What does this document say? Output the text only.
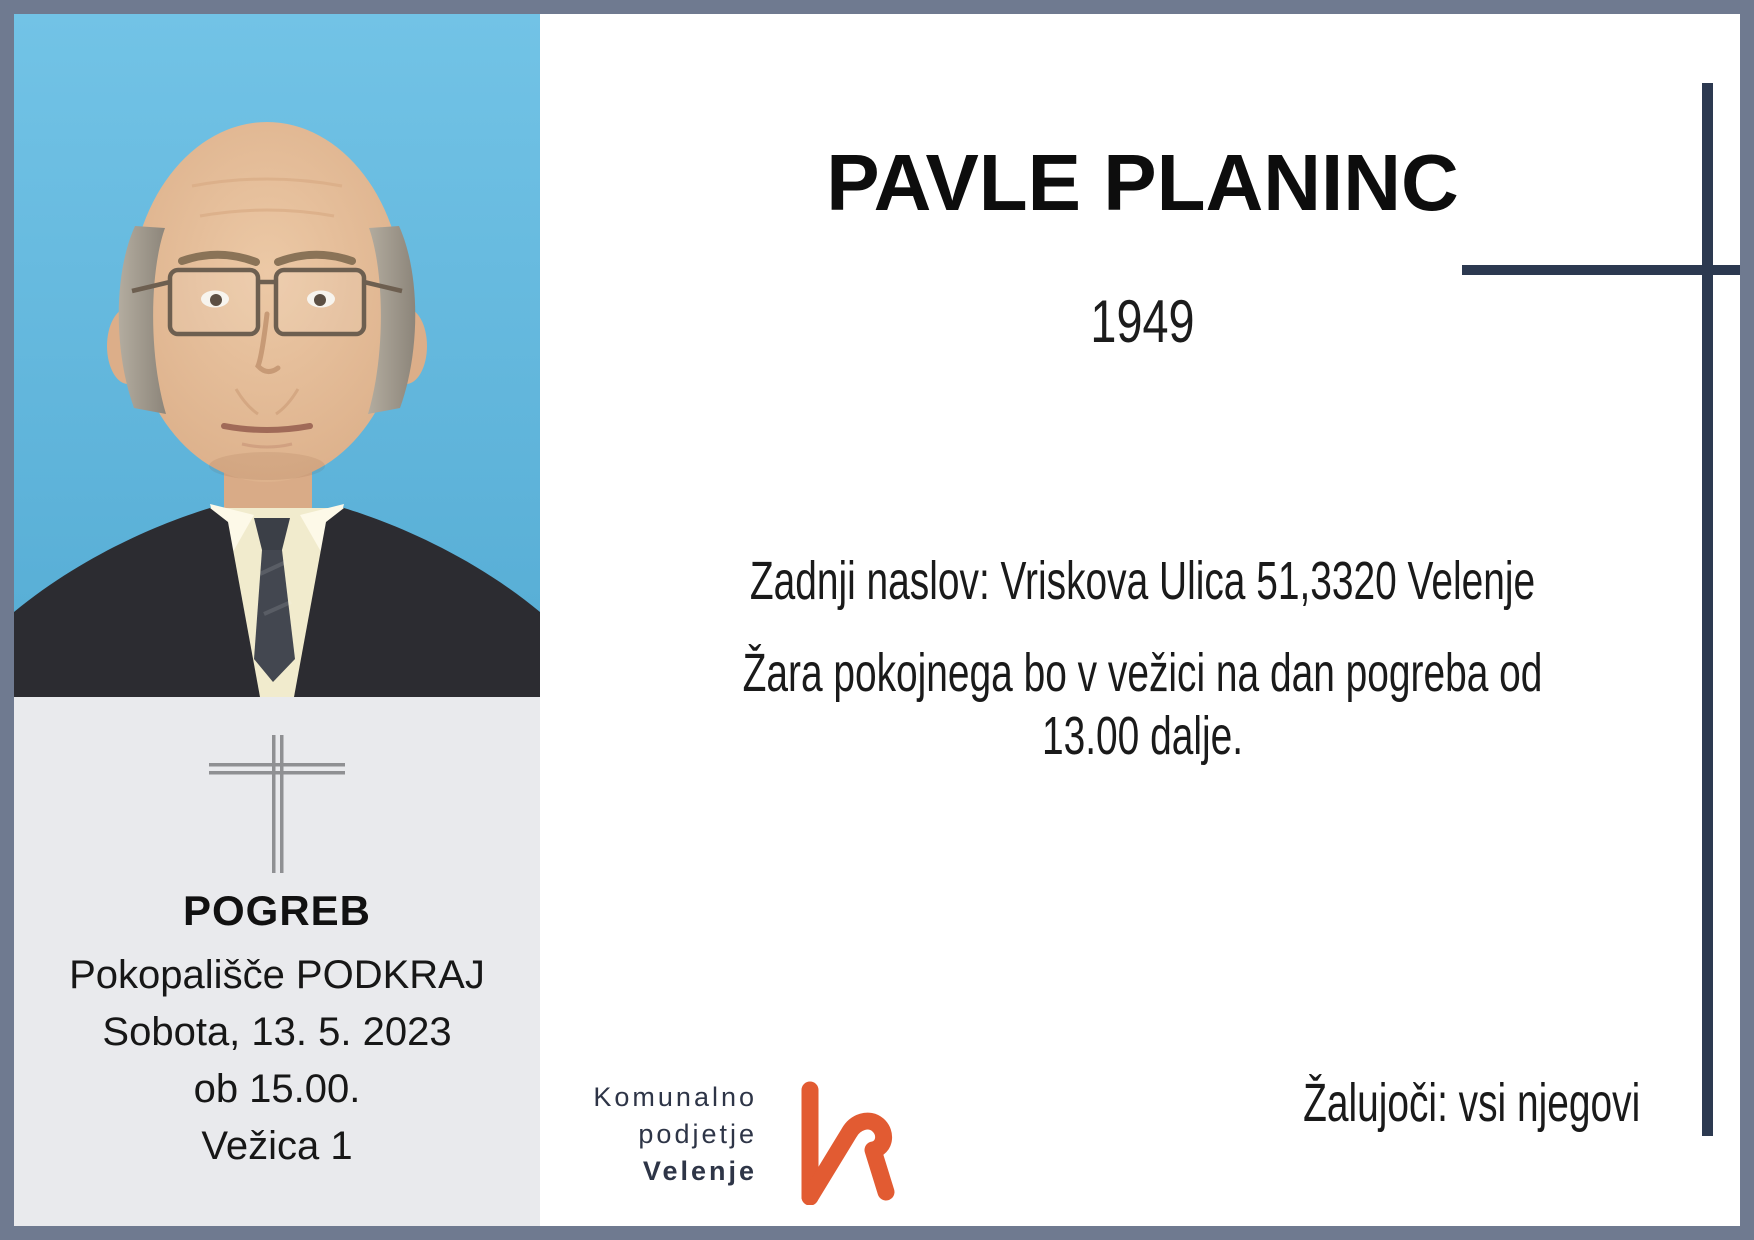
POGREB
Pokopališče PODKRAJ
Sobota, 13. 5. 2023
ob 15.00.
Vežica 1
PAVLE PLANINC
1949
Zadnji naslov: Vriskova Ulica 51,3320 Velenje
Žara pokojnega bo v vežici na dan pogreba od
13.00 dalje.
Žalujoči: vsi njegovi
Komunalno
podjetje
Velenje
